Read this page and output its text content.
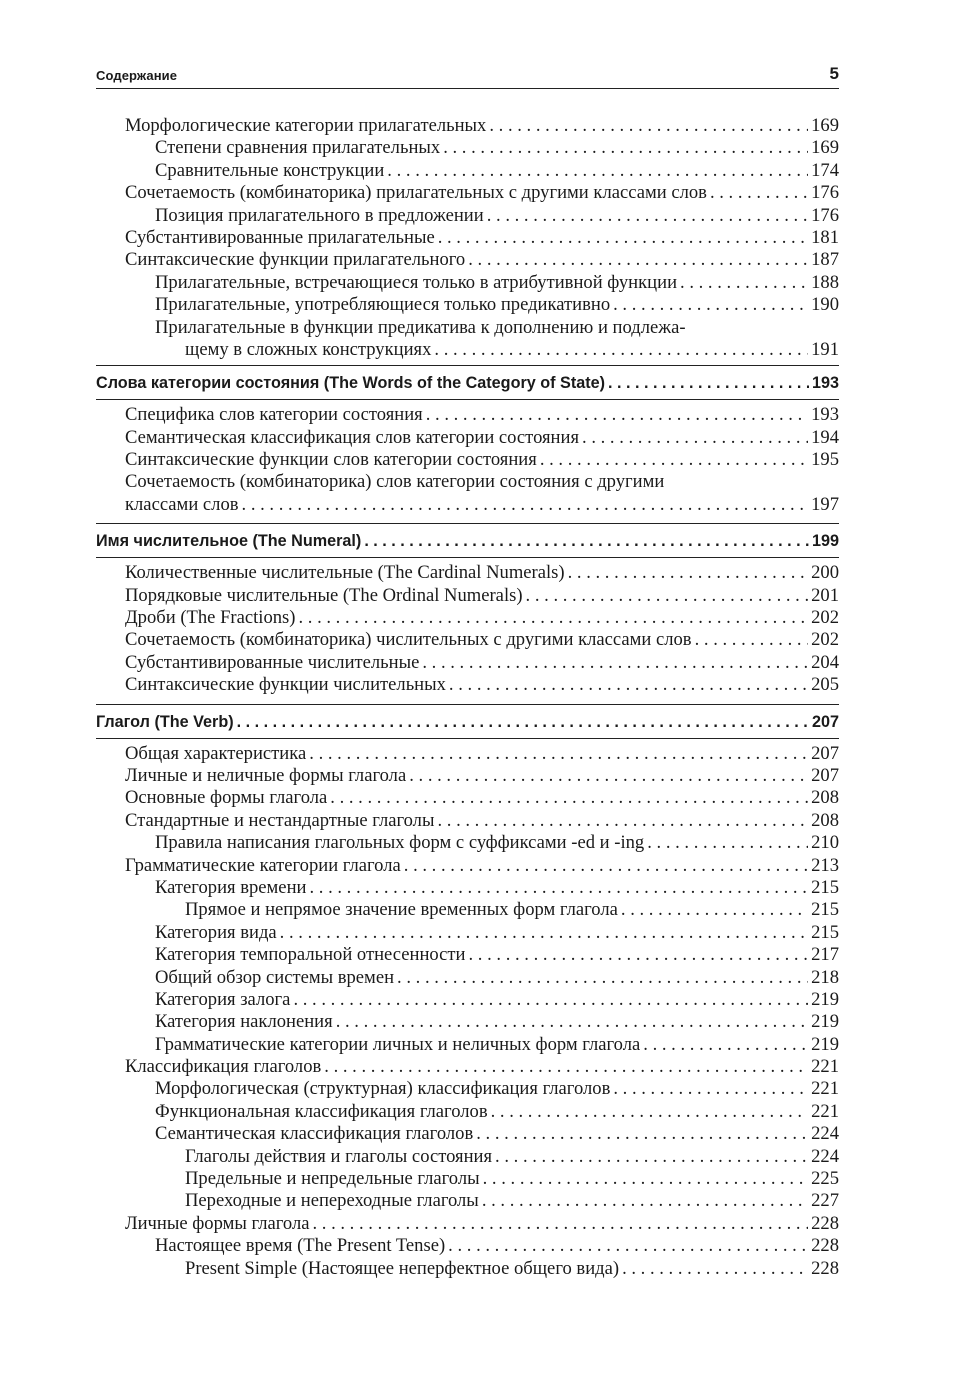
Содержание	5
Морфологические категории прилагательных . . .	169
Степени сравнения прилагательных . . .	169
Сравнительные конструкции . . .	174
Сочетаемость (комбинаторика) прилагательных с другими классами слов . . .	176
Позиция прилагательного в предложении . . .	176
Субстантивированные прилагательные . . .	181
Синтаксические функции прилагательного . . .	187
Прилагательные, встречающиеся только в атрибутивной функции . . .	188
Прилагательные, употребляющиеся только предикативно . . .	190
Прилагательные в функции предикатива к дополнению и подлежа-
щему в сложных конструкциях . . .	191
Слова категории состояния (The Words of the Category of State) . . .	193
Специфика слов категории состояния . . .	193
Семантическая классификация слов категории состояния . . .	194
Синтаксические функции слов категории состояния . . .	195
Сочетаемость (комбинаторика) слов категории состояния с другими
классами слов . . .	197
Имя числительное (The Numeral) . . .	199
Количественные числительные (The Cardinal Numerals) . . .	200
Порядковые числительные (The Ordinal Numerals) . . .	201
Дроби (The Fractions) . . .	202
Сочетаемость (комбинаторика) числительных с другими классами слов . . .	202
Субстантивированные числительные . . .	204
Синтаксические функции числительных . . .	205
Глагол (The Verb) . . .	207
Общая характеристика . . .	207
Личные и неличные формы глагола . . .	207
Основные формы глагола . . .	208
Стандартные и нестандартные глаголы . . .	208
Правила написания глагольных форм с суффиксами -ed и -ing . . .	210
Грамматические категории глагола . . .	213
Категория времени . . .	215
Прямое и непрямое значение временных форм глагола . . .	215
Категория вида . . .	215
Категория темпоральной отнесенности . . .	217
Общий обзор системы времен . . .	218
Категория залога . . .	219
Категория наклонения . . .	219
Грамматические категории личных и неличных форм глагола . . .	219
Классификация глаголов . . .	221
Морфологическая (структурная) классификация глаголов . . .	221
Функциональная классификация глаголов . . .	221
Семантическая классификация глаголов . . .	224
Глаголы действия и глаголы состояния . . .	224
Предельные и непредельные глаголы . . .	225
Переходные и непереходные глаголы . . .	227
Личные формы глагола . . .	228
Настоящее время (The Present Tense) . . .	228
Present Simple (Настоящее неперфектное общего вида) . . .	228
